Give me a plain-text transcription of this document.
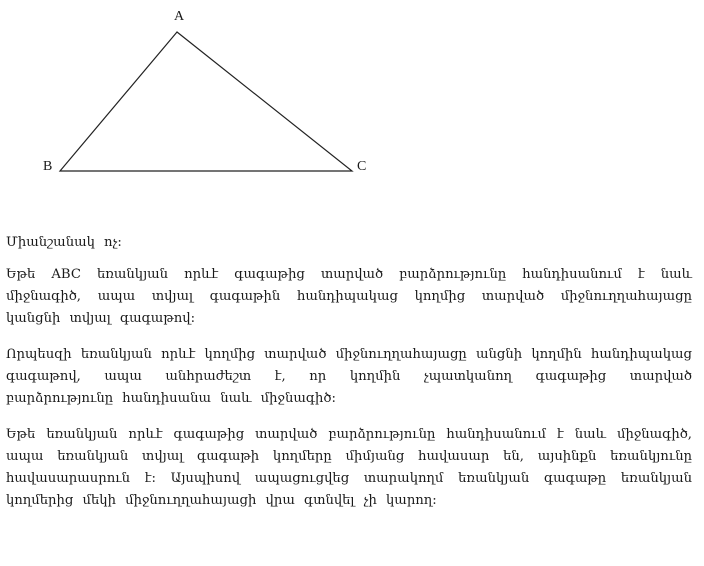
A
B	C

Միանշանակ ոչ:

Եթե ABC եռանկյան որևէ գագաթից տարված բարձրությունը հանդիսանում է նաև միջնագիծ, ապա տվյալ գագաթին հանդիպակաց կողմից տարված միջնուղղահայացը կանցնի տվյալ գագաթով:

Որպեսզի եռանկյան որևէ կողմից տարված միջնուղղահայացը անցնի կողմին հանդիպակաց գագաթով, ապա անհրաժեշտ է, որ կողմին չպատկանող գագաթից տարված բարձրությունը հանդիսանա նաև միջնագիծ:

Եթե եռանկյան որևէ գագաթից տարված բարձրությունը հանդիսանում է նաև միջնագիծ, ապա եռանկյան տվյալ գագաթի կողմերը միմյանց հավասար են, այսինքն եռանկյունը հավասարասրուն է: Այսպիսով ապացուցվեց տարակողմ եռանկյան գագաթը եռանկյան կողմերից մեկի միջնուղղահայացի վրա գտնվել չի կարող:
